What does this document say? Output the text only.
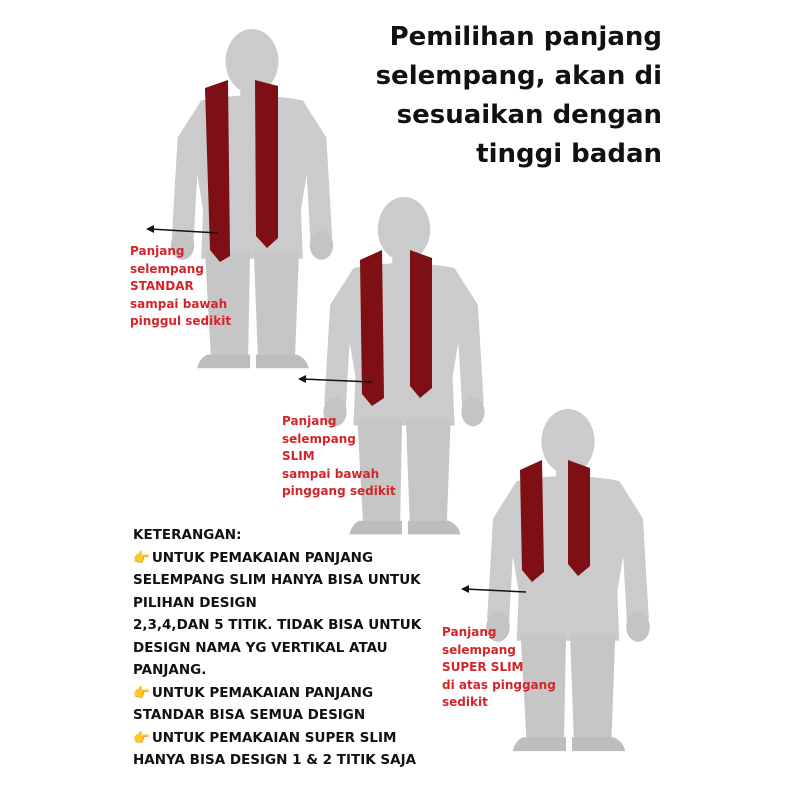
Pemilihan panjang
selempang, akan di
sesuaikan dengan
tinggi badan
Panjang
selempang
STANDAR
sampai bawah
pinggul sedikit
Panjang
selempang
SLIM
sampai bawah
pinggang sedikit
Panjang
selempang
SUPER SLIM
di atas pinggang
sedikit
KETERANGAN:
👉 UNTUK PEMAKAIAN PANJANG
SELEMPANG SLIM HANYA BISA UNTUK
PILIHAN DESIGN
2,3,4,DAN 5 TITIK. TIDAK BISA UNTUK
DESIGN NAMA YG VERTIKAL ATAU
PANJANG.
👉 UNTUK PEMAKAIAN PANJANG
STANDAR BISA SEMUA DESIGN
👉 UNTUK PEMAKAIAN SUPER SLIM
HANYA BISA DESIGN 1 & 2 TITIK SAJA
